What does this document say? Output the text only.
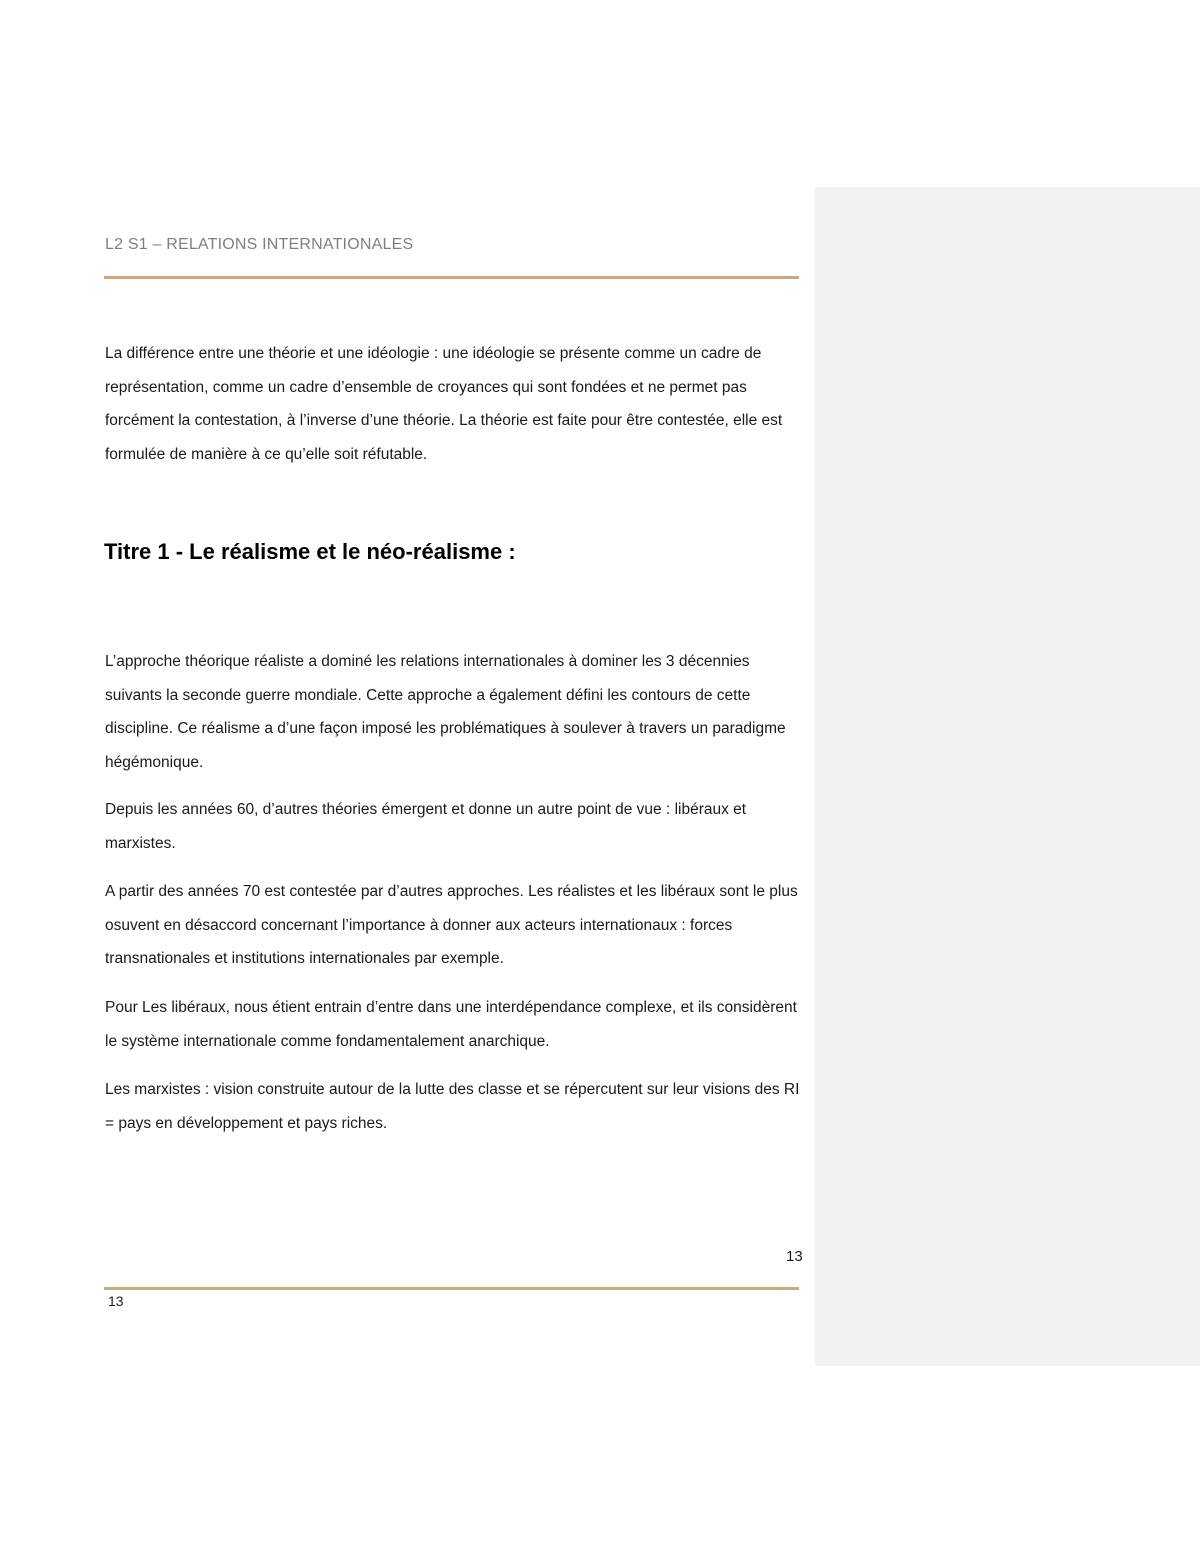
L2 S1 – RELATIONS INTERNATIONALES

La différence entre une théorie et une idéologie : une idéologie se présente comme un cadre de représentation, comme un cadre d’ensemble de croyances qui sont fondées et ne permet pas forcément la contestation, à l’inverse d’une théorie. La théorie est faite pour être contestée, elle est formulée de manière à ce qu’elle soit réfutable.

Titre 1 - Le réalisme et le néo-réalisme :

L’approche théorique réaliste a dominé les relations internationales à dominer les 3 décennies suivants la seconde guerre mondiale. Cette approche a également défini les contours de cette discipline. Ce réalisme a d’une façon imposé les problématiques à soulever à travers un paradigme hégémonique.

Depuis les années 60, d’autres théories émergent et donne un autre point de vue : libéraux et marxistes.

A partir des années 70 est contestée par d’autres approches. Les réalistes et les libéraux sont le plus osuvent en désaccord concernant l’importance à donner aux acteurs internationaux : forces transnationales et institutions internationales par exemple.

Pour Les libéraux, nous étient entrain d’entre dans une interdépendance complexe, et ils considèrent le système internationale comme fondamentalement anarchique.

Les marxistes : vision construite autour de la lutte des classe et se répercutent sur leur visions des RI = pays en développement et pays riches.

13
13
